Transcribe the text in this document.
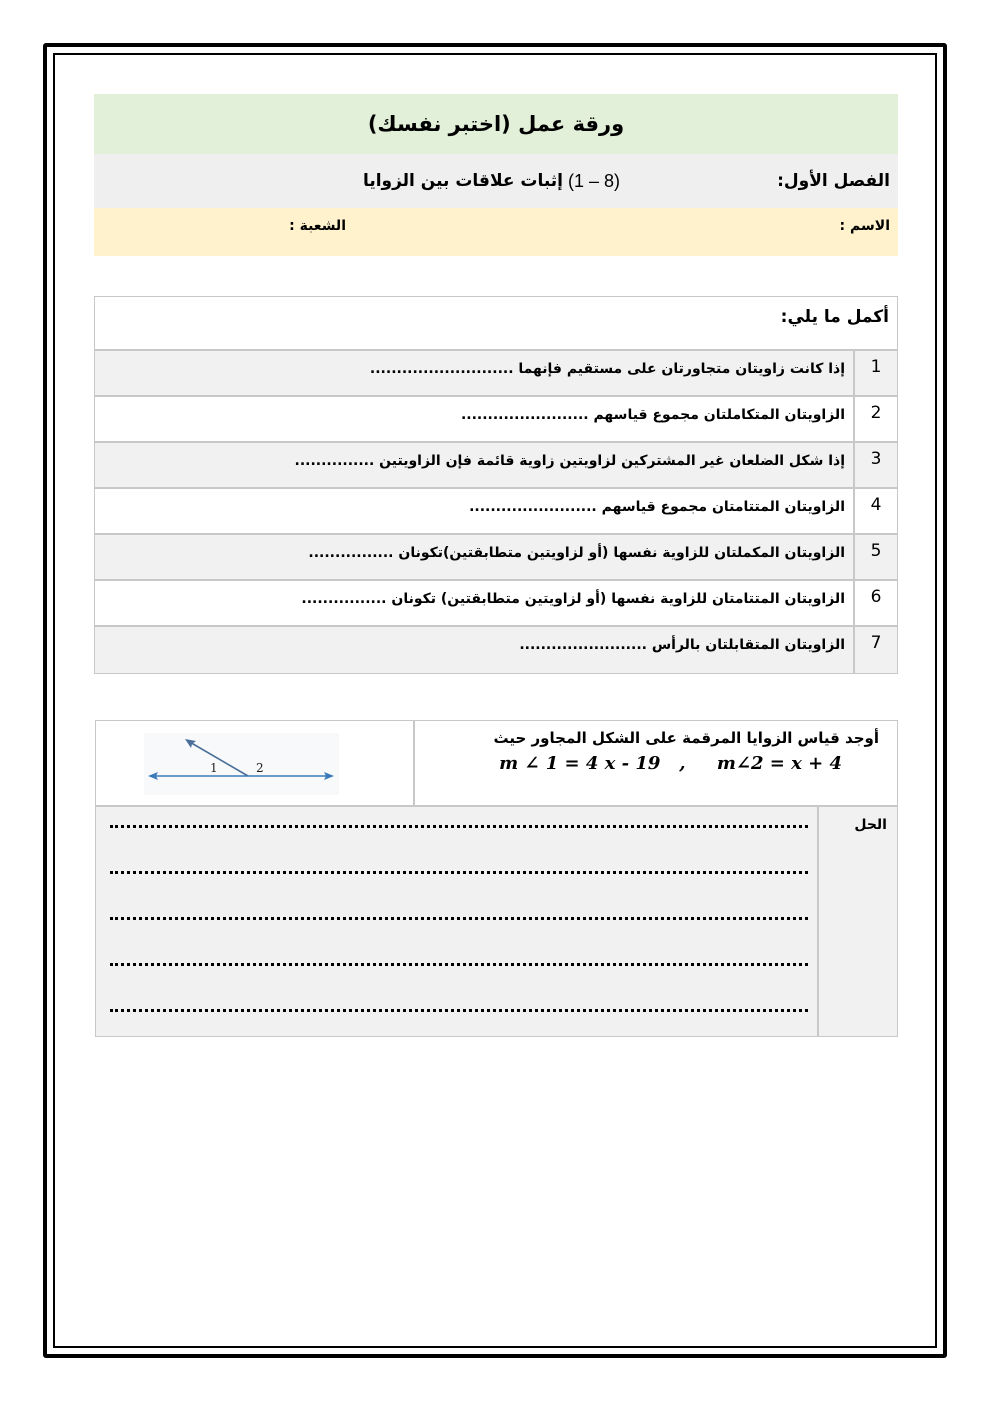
ورقة عمل (اختبر نفسك)
الفصل الأول:
(8 – 1)
إثبات علاقات بين الزوايا
الاسم :
الشعبة :
أكمل ما يلي:
1
إذا كانت زاويتان متجاورتان على مستقيم فإنهما ...........................
2
الزاويتان المتكاملتان مجموع قياسهم ........................
3
إذا شكل الضلعان غير المشتركين لزاويتين زاوية قائمة فإن الزاويتين ...............
4
الزاويتان المتتامتان مجموع قياسهم ........................
5
الزاويتان المكملتان للزاوية نفسها (أو لزاويتين متطابقتين)تكونان ................
6
الزاويتان المتتامتان للزاوية نفسها (أو لزاويتين متطابقتين) تكونان ................
7
الزاويتان المتقابلتان بالرأس ........................
1	2
أوجد قياس الزوايا المرقمة على الشكل المجاور حيث
m ∠ 1 = 4 x - 19   ,     m∠2 = x + 4
الحل
